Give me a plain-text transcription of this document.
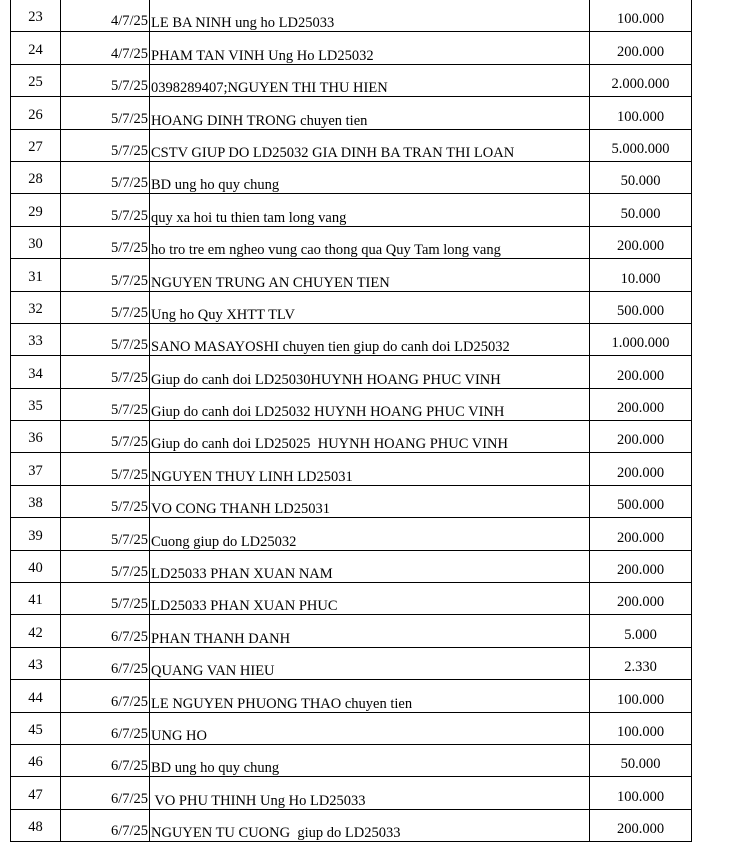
23	4/7/25	LE BA NINH ung ho LD25033	100.000
24	4/7/25	PHAM TAN VINH Ung Ho LD25032	200.000
25	5/7/25	0398289407;NGUYEN THI THU HIEN	2.000.000
26	5/7/25	HOANG DINH TRONG chuyen tien	100.000
27	5/7/25	CSTV GIUP DO LD25032 GIA DINH BA TRAN THI LOAN	5.000.000
28	5/7/25	BD ung ho quy chung	50.000
29	5/7/25	quy xa hoi tu thien tam long vang	50.000
30	5/7/25	ho tro tre em ngheo vung cao thong qua Quy Tam long vang	200.000
31	5/7/25	NGUYEN TRUNG AN CHUYEN TIEN	10.000
32	5/7/25	Ung ho Quy XHTT TLV	500.000
33	5/7/25	SANO MASAYOSHI chuyen tien giup do canh doi LD25032	1.000.000
34	5/7/25	Giup do canh doi LD25030HUYNH HOANG PHUC VINH	200.000
35	5/7/25	Giup do canh doi LD25032 HUYNH HOANG PHUC VINH	200.000
36	5/7/25	Giup do canh doi LD25025  HUYNH HOANG PHUC VINH	200.000
37	5/7/25	NGUYEN THUY LINH LD25031	200.000
38	5/7/25	VO CONG THANH LD25031	500.000
39	5/7/25	Cuong giup do LD25032	200.000
40	5/7/25	LD25033 PHAN XUAN NAM	200.000
41	5/7/25	LD25033 PHAN XUAN PHUC	200.000
42	6/7/25	PHAN THANH DANH	5.000
43	6/7/25	QUANG VAN HIEU	2.330
44	6/7/25	LE NGUYEN PHUONG THAO chuyen tien	100.000
45	6/7/25	UNG HO	100.000
46	6/7/25	BD ung ho quy chung	50.000
47	6/7/25	VO PHU THINH Ung Ho LD25033	100.000
48	6/7/25	NGUYEN TU CUONG  giup do LD25033	200.000
